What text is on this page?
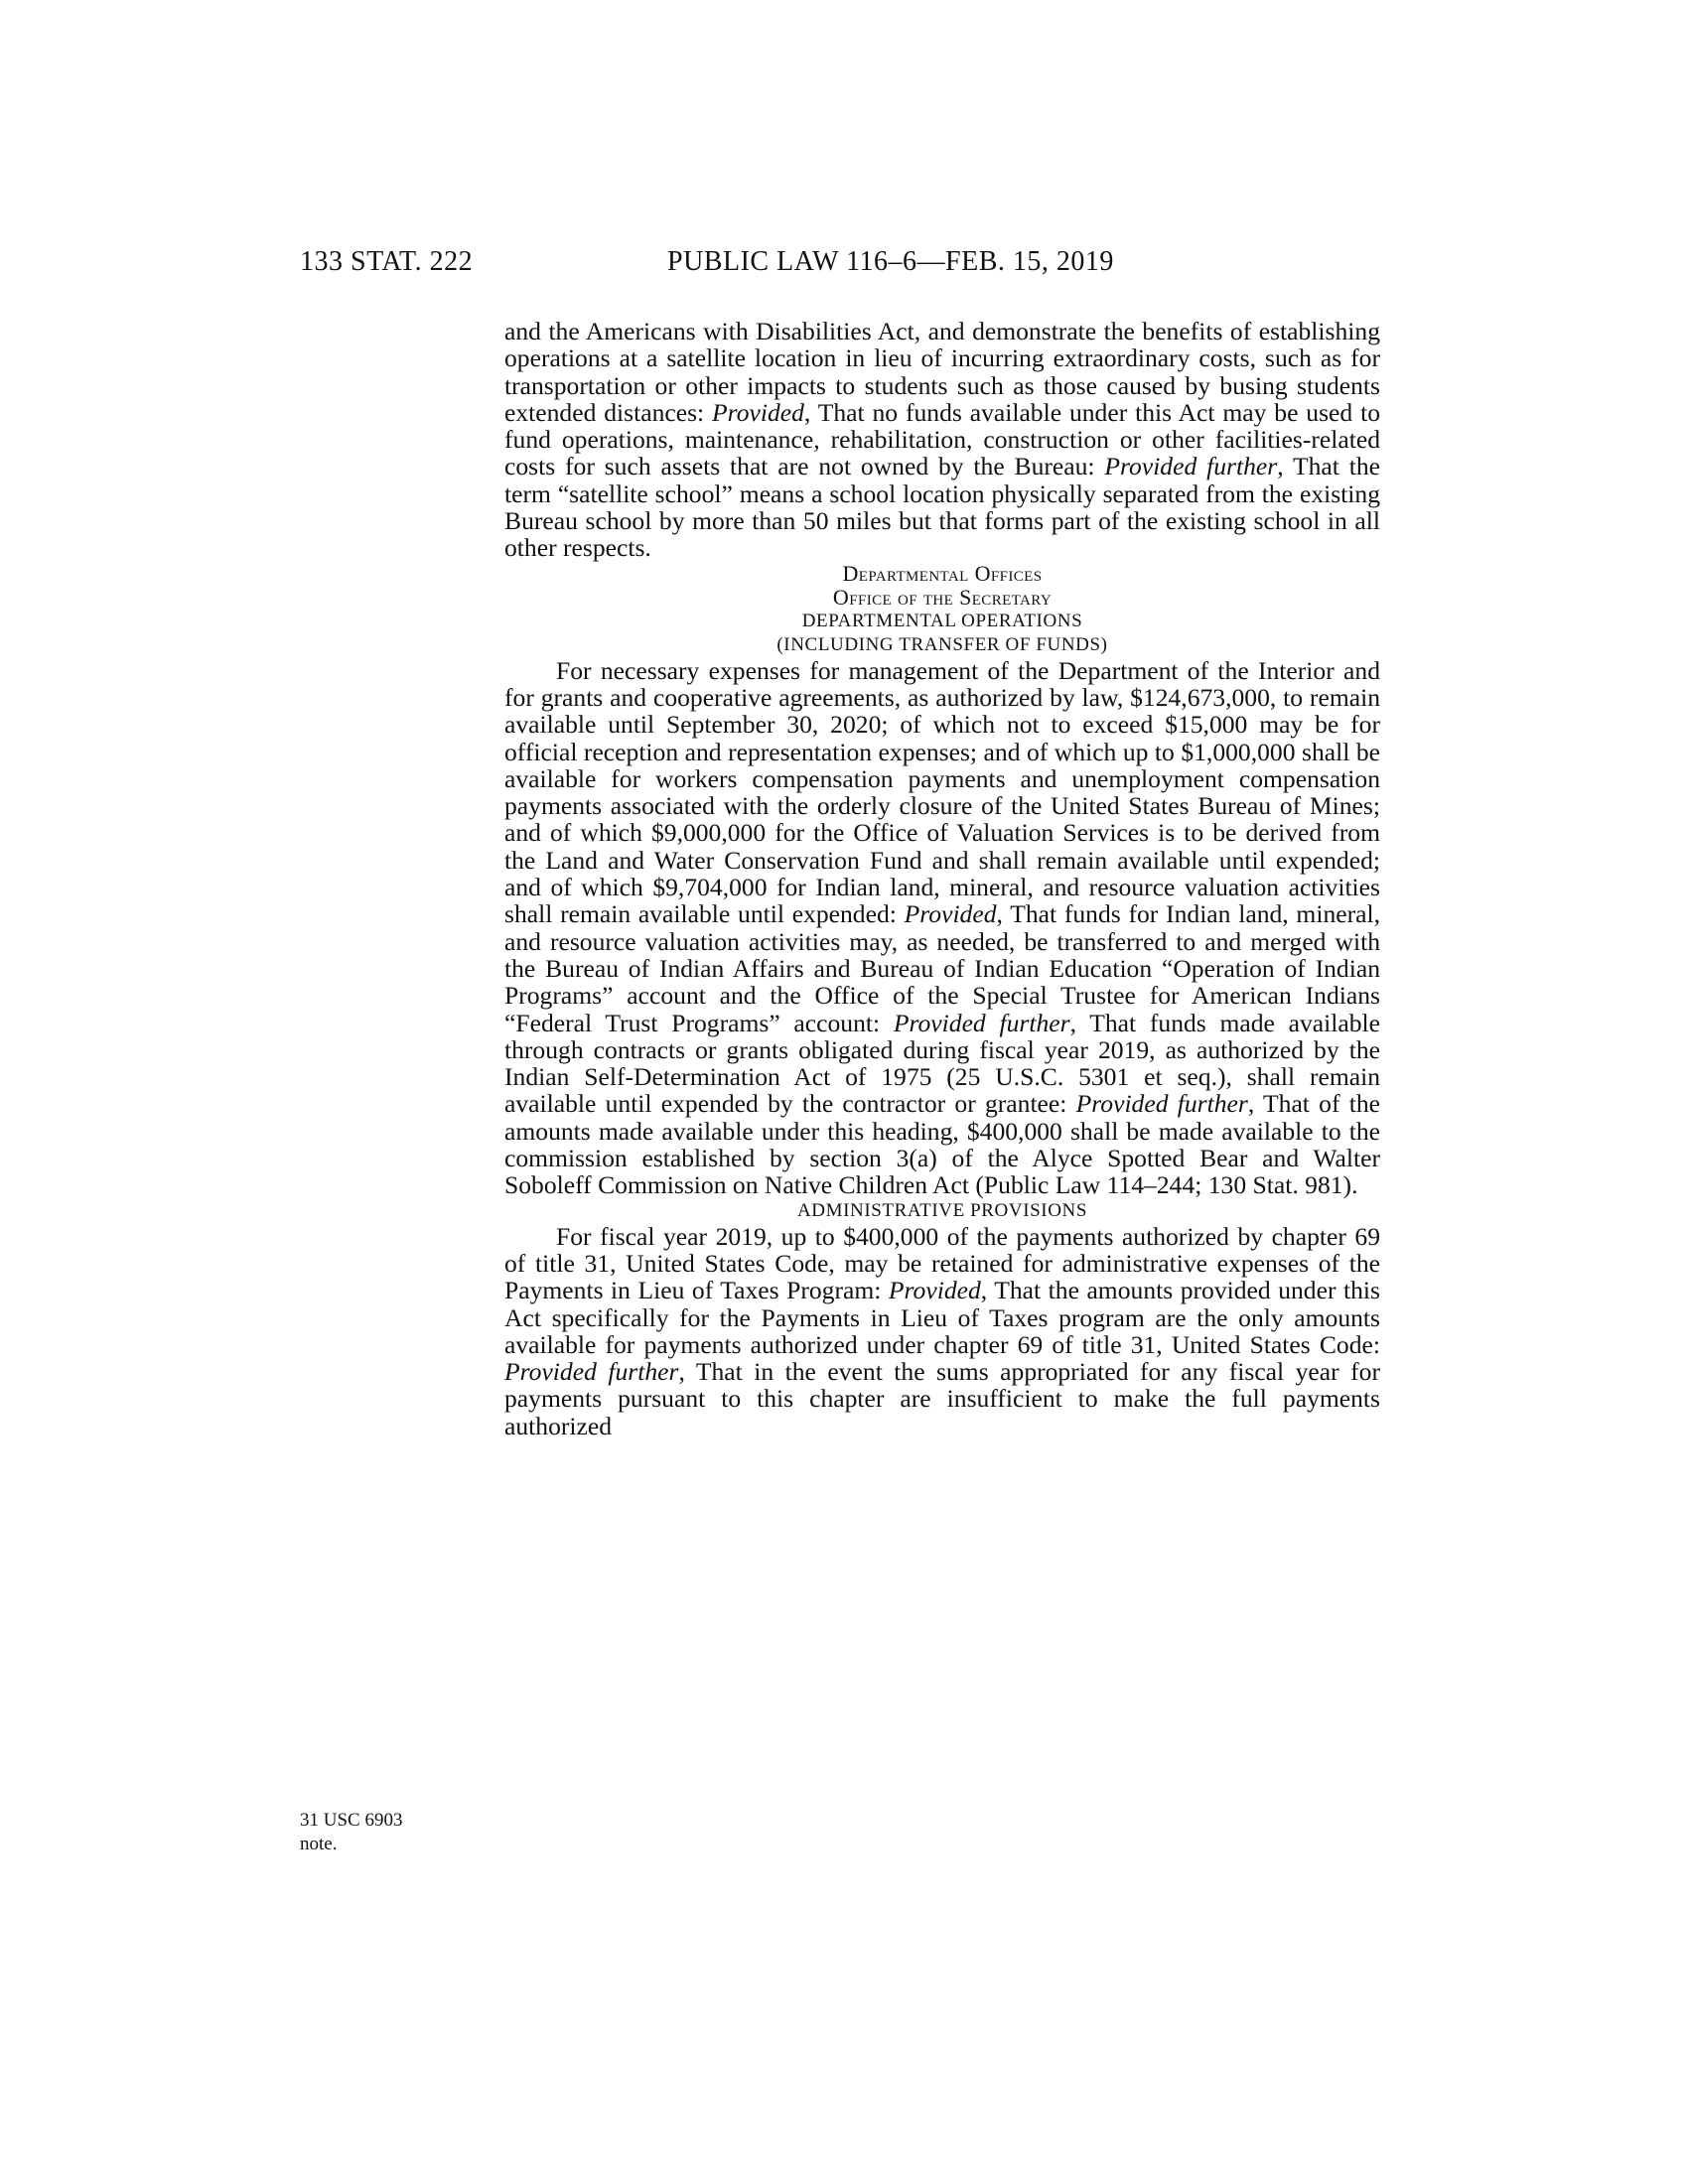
133 STAT. 222	PUBLIC LAW 116–6—FEB. 15, 2019

and the Americans with Disabilities Act, and demonstrate the benefits of establishing operations at a satellite location in lieu of incurring extraordinary costs, such as for transportation or other impacts to students such as those caused by busing students extended distances: Provided, That no funds available under this Act may be used to fund operations, maintenance, rehabilitation, construction or other facilities-related costs for such assets that are not owned by the Bureau: Provided further, That the term “satellite school” means a school location physically separated from the existing Bureau school by more than 50 miles but that forms part of the existing school in all other respects.

Departmental Offices

Office of the Secretary

DEPARTMENTAL OPERATIONS

(INCLUDING TRANSFER OF FUNDS)

For necessary expenses for management of the Department of the Interior and for grants and cooperative agreements, as authorized by law, $124,673,000, to remain available until September 30, 2020; of which not to exceed $15,000 may be for official reception and representation expenses; and of which up to $1,000,000 shall be available for workers compensation payments and unemployment compensation payments associated with the orderly closure of the United States Bureau of Mines; and of which $9,000,000 for the Office of Valuation Services is to be derived from the Land and Water Conservation Fund and shall remain available until expended; and of which $9,704,000 for Indian land, mineral, and resource valuation activities shall remain available until expended: Provided, That funds for Indian land, mineral, and resource valuation activities may, as needed, be transferred to and merged with the Bureau of Indian Affairs and Bureau of Indian Education “Operation of Indian Programs” account and the Office of the Special Trustee for American Indians “Federal Trust Programs” account: Provided further, That funds made available through contracts or grants obligated during fiscal year 2019, as authorized by the Indian Self-Determination Act of 1975 (25 U.S.C. 5301 et seq.), shall remain available until expended by the contractor or grantee: Provided further, That of the amounts made available under this heading, $400,000 shall be made available to the commission established by section 3(a) of the Alyce Spotted Bear and Walter Soboleff Commission on Native Children Act (Public Law 114–244; 130 Stat. 981).

ADMINISTRATIVE PROVISIONS

For fiscal year 2019, up to $400,000 of the payments authorized by chapter 69 of title 31, United States Code, may be retained for administrative expenses of the Payments in Lieu of Taxes Program: Provided, That the amounts provided under this Act specifically for the Payments in Lieu of Taxes program are the only amounts available for payments authorized under chapter 69 of title 31, United States Code: Provided further, That in the event the sums appropriated for any fiscal year for payments pursuant to this chapter are insufficient to make the full payments authorized

31 USC 6903
note.
